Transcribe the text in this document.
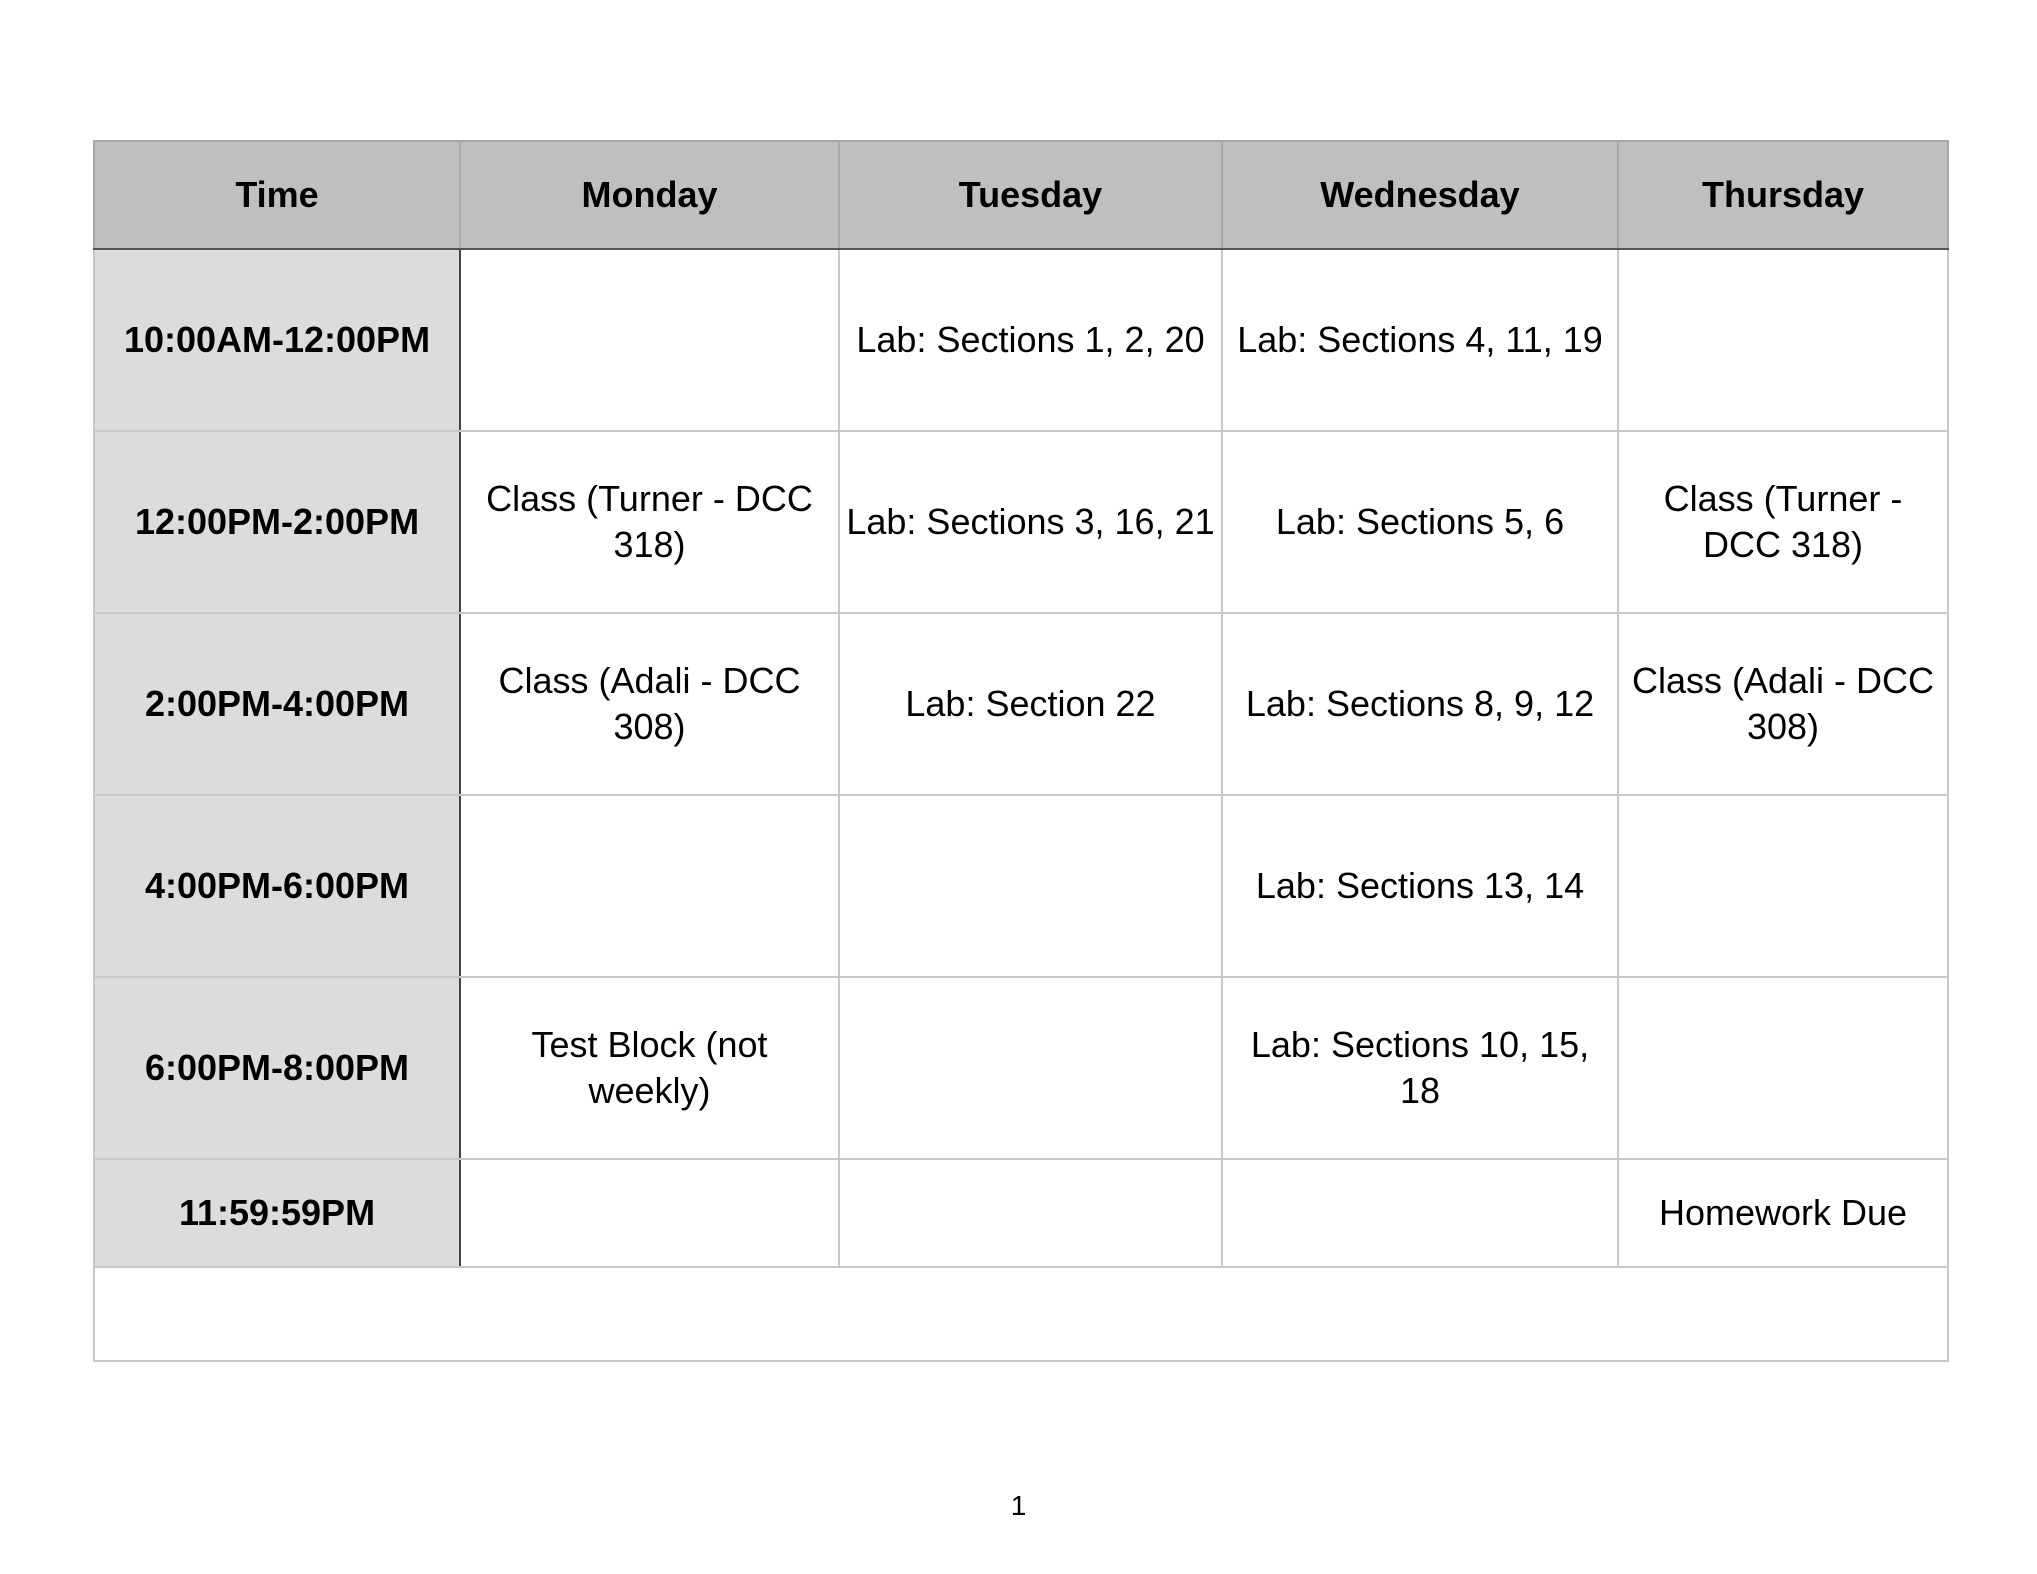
Time	Monday	Tuesday	Wednesday	Thursday
10:00AM-12:00PM		Lab: Sections 1, 2, 20	Lab: Sections 4, 11, 19	
12:00PM-2:00PM	Class (Turner - DCC 318)	Lab: Sections 3, 16, 21	Lab: Sections 5, 6	Class (Turner - DCC 318)
2:00PM-4:00PM	Class (Adali - DCC 308)	Lab: Section 22	Lab: Sections 8, 9, 12	Class (Adali - DCC 308)
4:00PM-6:00PM			Lab: Sections 13, 14	
6:00PM-8:00PM	Test Block (not weekly)		Lab: Sections 10, 15, 18	
11:59:59PM				Homework Due

1
